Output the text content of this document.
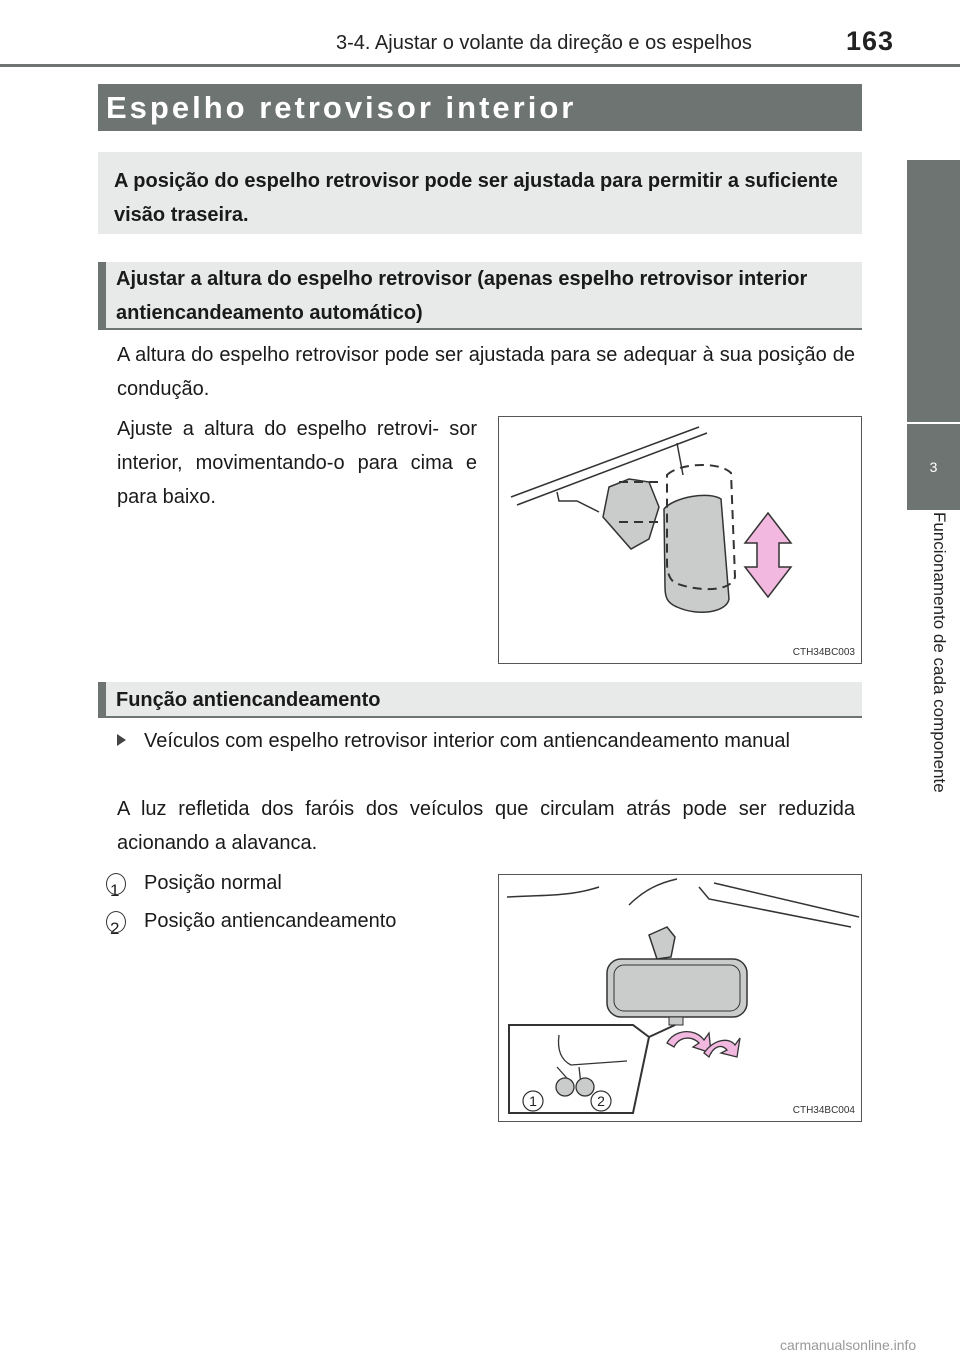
3-4. Ajustar o volante da direção e os espelhos	163
3
Funcionamento de cada componente
Espelho retrovisor interior
A posição do espelho retrovisor pode ser ajustada para permitir a suficiente visão traseira.
Ajustar a altura do espelho retrovisor (apenas espelho retrovisor interior antiencandeamento automático)
A altura do espelho retrovisor pode ser ajustada para se adequar à sua posição de condução.
Ajuste a altura do espelho retrovi- sor interior, movimentando-o para cima e para baixo.
CTH34BC003
Função antiencandeamento
Veículos com espelho retrovisor interior com antiencandeamento manual
A luz refletida dos faróis dos veículos que circulam atrás pode ser reduzida acionando a alavanca.
1 Posição normal
2 Posição antiencandeamento
1	2
CTH34BC004
carmanualsonline.info
